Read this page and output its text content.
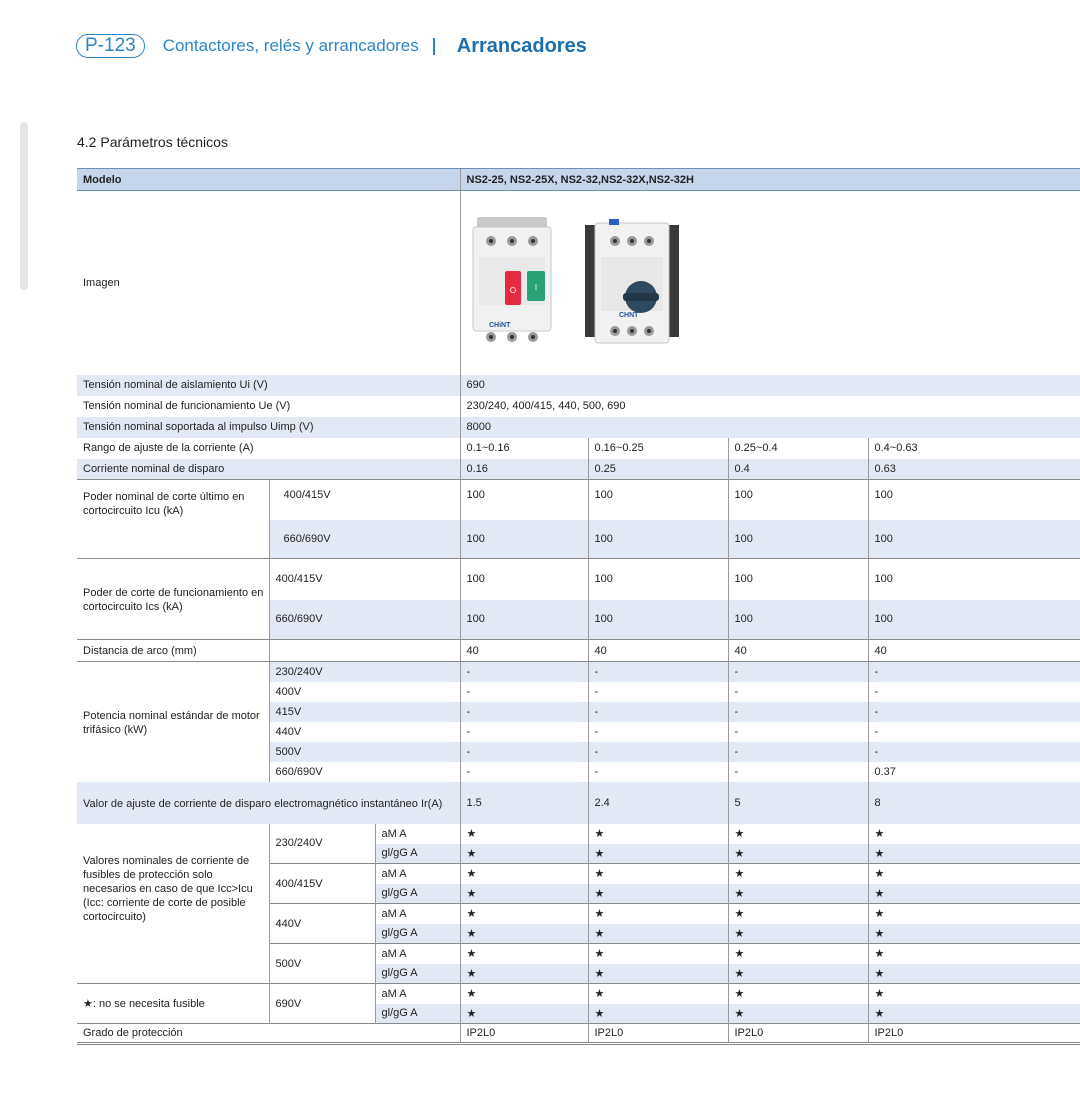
P-123	Contactores, relés y arrancadores Arrancadores
4.2 Parámetros técnicos
Modelo			NS2-25, NS2-25X, NS2-32,NS2-32X,NS2-32H			
Imagen			O I
CHiNT
CHNT			

Tensión nominal de aislamiento Ui (V)			690			
Tensión nominal de funcionamiento Ue (V)			230/240, 400/415, 440, 500, 690			
Tensión nominal soportada al impulso Uimp (V)			8000			
Rango de ajuste de la corriente (A)			0.1~0.16	0.16~0.25	0.25~0.4	0.4~0.63
Corriente nominal de disparo			0.16	0.25	0.4	0.63
Poder nominal de corte último en cortocircuito Icu (kA)	400/415V		100	100	100	100
	660/690V		100	100	100	100
Poder de corte de funcionamiento en cortocircuito Ics (kA)	400/415V		100	100	100	100
	660/690V		100	100	100	100
Distancia de arco (mm)			40	40	40	40
Potencia nominal estándar de motor trifásico (kW)	230/240V		-	-	-	-
	400V		-	-	-	-
	415V		-	-	-	-
	440V		-	-	-	-
	500V		-	-	-	-
	660/690V		-	-	-	0.37
Valor de ajuste de corriente de disparo electromagnético instantáneo Ir(A)			1.5	2.4	5	8
Valores nominales de corriente de fusibles de protección solo necesarios en caso de que Icc>Icu (Icc: corriente de corte de posible cortocircuito)	230/240V	aM A	★	★	★	★
		gl/gG A	★	★	★	★
	400/415V	aM A	★	★	★	★
		gl/gG A	★	★	★	★
	440V	aM A	★	★	★	★
		gl/gG A	★	★	★	★
	500V	aM A	★	★	★	★
		gl/gG A	★	★	★	★
★: no se necesita fusible	690V	aM A	★	★	★	★
		gl/gG A	★	★	★	★
Grado de protección			IP2L0	IP2L0	IP2L0	IP2L0
